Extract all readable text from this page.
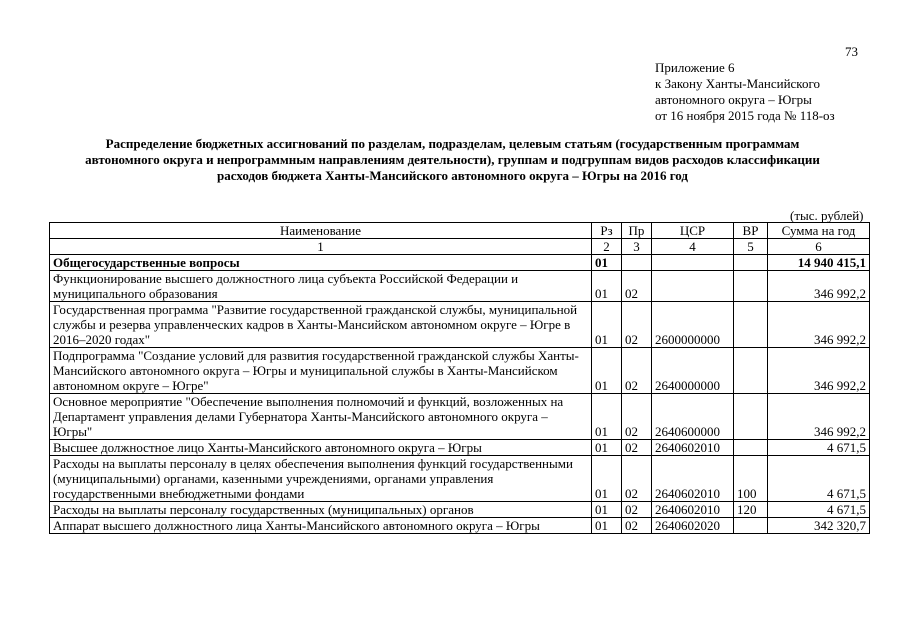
73
Приложение 6
к Закону Ханты-Мансийского
автономного округа – Югры
от 16 ноября 2015 года № 118-оз
Распределение бюджетных ассигнований по разделам, подразделам, целевым статьям (государственным программам
автономного округа и непрограммным направлениям деятельности), группам и подгруппам видов расходов классификации
расходов бюджета Ханты-Мансийского автономного округа – Югры на 2016 год
(тыс. рублей)
Наименование	Рз	Пр	ЦСР	ВР	Сумма на год
1	2	3	4	5	6
Общегосударственные вопросы	01				14 940 415,1
Функционирование высшего должностного лица субъекта Российской Федерации и муниципального образования	01	02			346 992,2
Государственная программа "Развитие государственной гражданской службы, муниципальной службы и резерва управленческих кадров в Ханты-Мансийском автономном округе – Югре в 2016–2020 годах"	01	02	2600000000		346 992,2
Подпрограмма "Создание условий для развития государственной гражданской службы Ханты-Мансийского автономного округа – Югры и муниципальной службы в Ханты-Мансийском автономном округе – Югре"	01	02	2640000000		346 992,2
Основное мероприятие "Обеспечение выполнения полномочий и функций, возложенных на Департамент управления делами Губернатора Ханты-Мансийского автономного округа – Югры"	01	02	2640600000		346 992,2
Высшее должностное лицо Ханты-Мансийского автономного округа – Югры	01	02	2640602010		4 671,5
Расходы на выплаты персоналу в целях обеспечения выполнения функций государственными (муниципальными) органами, казенными учреждениями, органами управления государственными внебюджетными фондами	01	02	2640602010	100	4 671,5
Расходы на выплаты персоналу государственных (муниципальных) органов	01	02	2640602010	120	4 671,5
Аппарат высшего должностного лица Ханты-Мансийского автономного округа – Югры	01	02	2640602020		342 320,7
